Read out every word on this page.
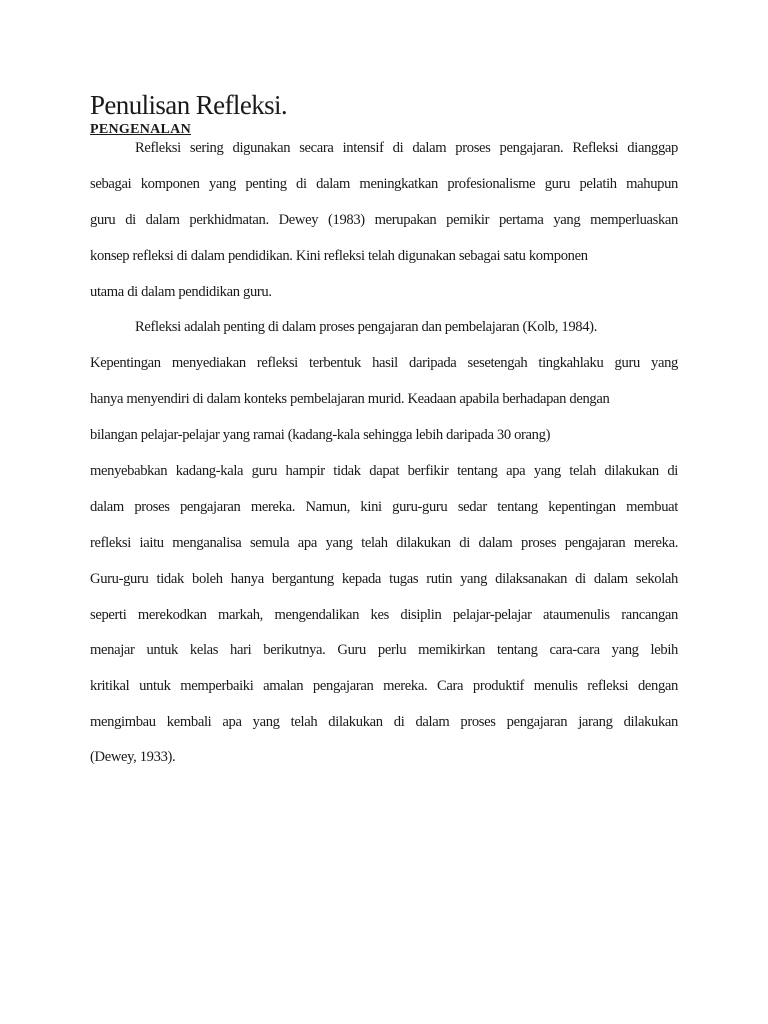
Penulisan Refleksi.
PENGENALAN
Refleksi sering digunakan secara intensif di dalam proses pengajaran. Refleksi dianggap
sebagai komponen yang penting di dalam meningkatkan profesionalisme guru pelatih mahupun
guru di dalam perkhidmatan. Dewey (1983) merupakan pemikir pertama yang memperluaskan
konsep refleksi di dalam pendidikan. Kini refleksi telah digunakan sebagai satu komponen
utama di dalam pendidikan guru.
Refleksi adalah penting di dalam proses pengajaran dan pembelajaran (Kolb, 1984).
Kepentingan menyediakan refleksi terbentuk hasil daripada sesetengah tingkahlaku guru yang
hanya menyendiri di dalam konteks pembelajaran murid. Keadaan apabila berhadapan dengan
bilangan pelajar-pelajar yang ramai (kadang-kala sehingga lebih daripada 30 orang)
menyebabkan kadang-kala guru hampir tidak dapat berfikir tentang apa yang telah dilakukan di
dalam proses pengajaran mereka. Namun, kini guru-guru sedar tentang kepentingan membuat
refleksi iaitu menganalisa semula apa yang telah dilakukan di dalam proses pengajaran mereka.
Guru-guru tidak boleh hanya bergantung kepada tugas rutin yang dilaksanakan di dalam sekolah
seperti merekodkan markah, mengendalikan kes disiplin pelajar-pelajar ataumenulis rancangan
menajar untuk kelas hari berikutnya. Guru perlu memikirkan tentang cara-cara yang lebih
kritikal untuk memperbaiki amalan pengajaran mereka. Cara produktif menulis refleksi dengan
mengimbau kembali apa yang telah dilakukan di dalam proses pengajaran jarang dilakukan
(Dewey, 1933).
